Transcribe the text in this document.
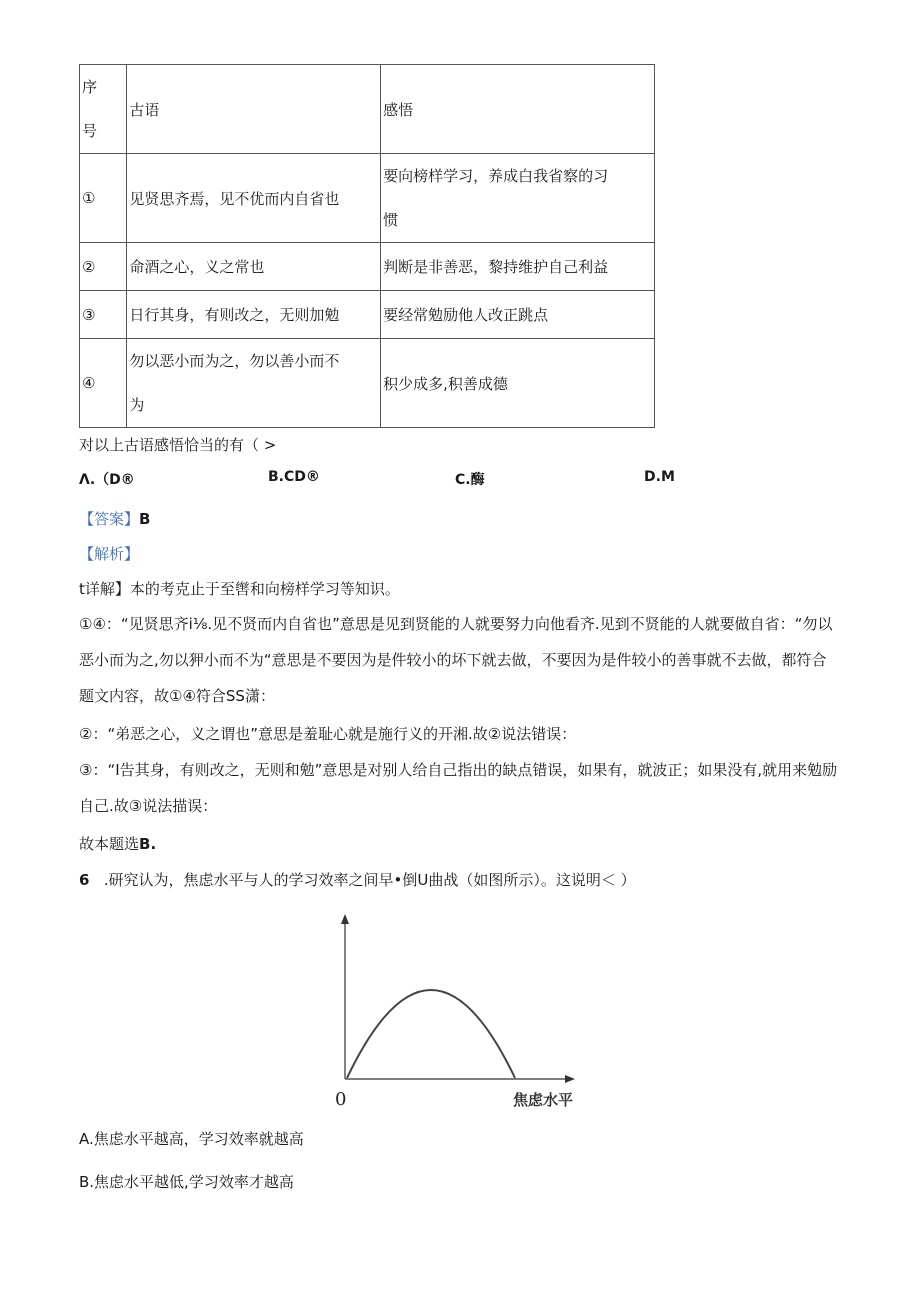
序
号	古语	感悟
①	见贤思齐焉，见不优而内自省也	要向榜样学习，养成白我省察的习
惯

②	命酒之心，义之常也	判断是非善恶，黎持维护自己利益
③	日行其身，有则改之，无则加勉	要经常勉励他人改正跳点
④	勿以恶小而为之，勿以善小而不
为	积少成多,积善成德
对以上古语感悟恰当的有（ >
Λ.（D®	B.CD®	C.酶	D.M
【答案】B
【解析】
t详解】本的考克止于至辔和向榜样学习等知识。
①④：“见贤思齐i⅛.见不贤而内自省也”意思是见到贤能的人就要努力向他看齐.见到不贤能的人就要做自省：“勿以恶小而为之,勿以狎小而不为“意思是不要因为是件较小的坏下就去做，不要因为是件较小的善事就不去做，都符合题文内容，故①④符合SS潇：
②：“弟恶之心，义之谓也”意思是羞耻心就是施行义的开湘.故②说法错误：
③：“Ⅰ告其身，有则改之，无则和勉”意思是对别人给自己指出的缺点错误，如果有，就波正；如果没有,就用来勉励自己.故③说法描误：
故本题选B.
6 .研究认为，焦虑水平与人的学习效率之间早•倒U曲战（如图所示）。这说明＜ ）
0	焦虑水平
A.焦虑水平越高，学习效率就越高
B.焦虑水平越低,学习效率才越高
